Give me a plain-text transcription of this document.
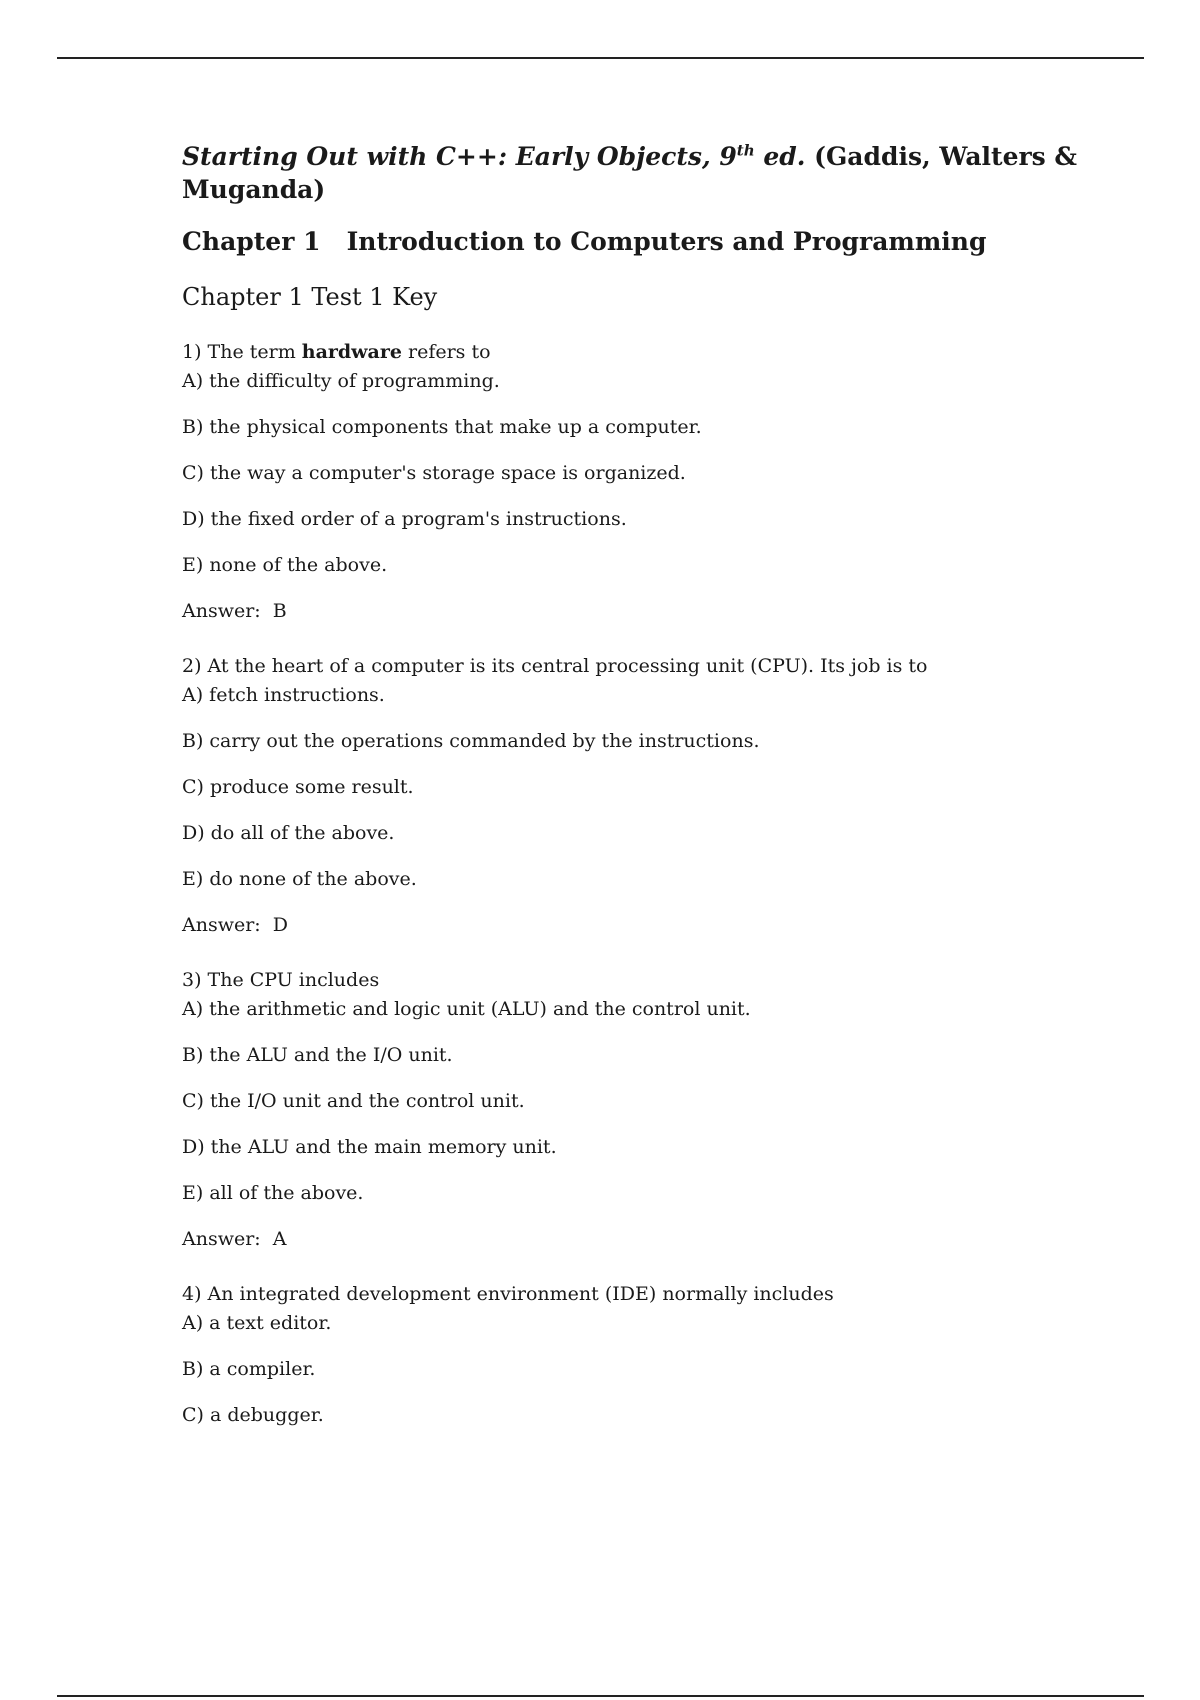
Starting Out with C++: Early Objects, 9th ed. (Gaddis, Walters & Muganda)

Chapter 1   Introduction to Computers and Programming

Chapter 1 Test 1 Key

1) The term hardware refers to
A) the difficulty of programming.
B) the physical components that make up a computer.
C) the way a computer's storage space is organized.
D) the fixed order of a program's instructions.
E) none of the above.
Answer:  B
2) At the heart of a computer is its central processing unit (CPU). Its job is to
A) fetch instructions.
B) carry out the operations commanded by the instructions.
C) produce some result.
D) do all of the above.
E) do none of the above.
Answer:  D
3) The CPU includes
A) the arithmetic and logic unit (ALU) and the control unit.
B) the ALU and the I/O unit.
C) the I/O unit and the control unit.
D) the ALU and the main memory unit.
E) all of the above.
Answer:  A
4) An integrated development environment (IDE) normally includes
A) a text editor.
B) a compiler.
C) a debugger.
